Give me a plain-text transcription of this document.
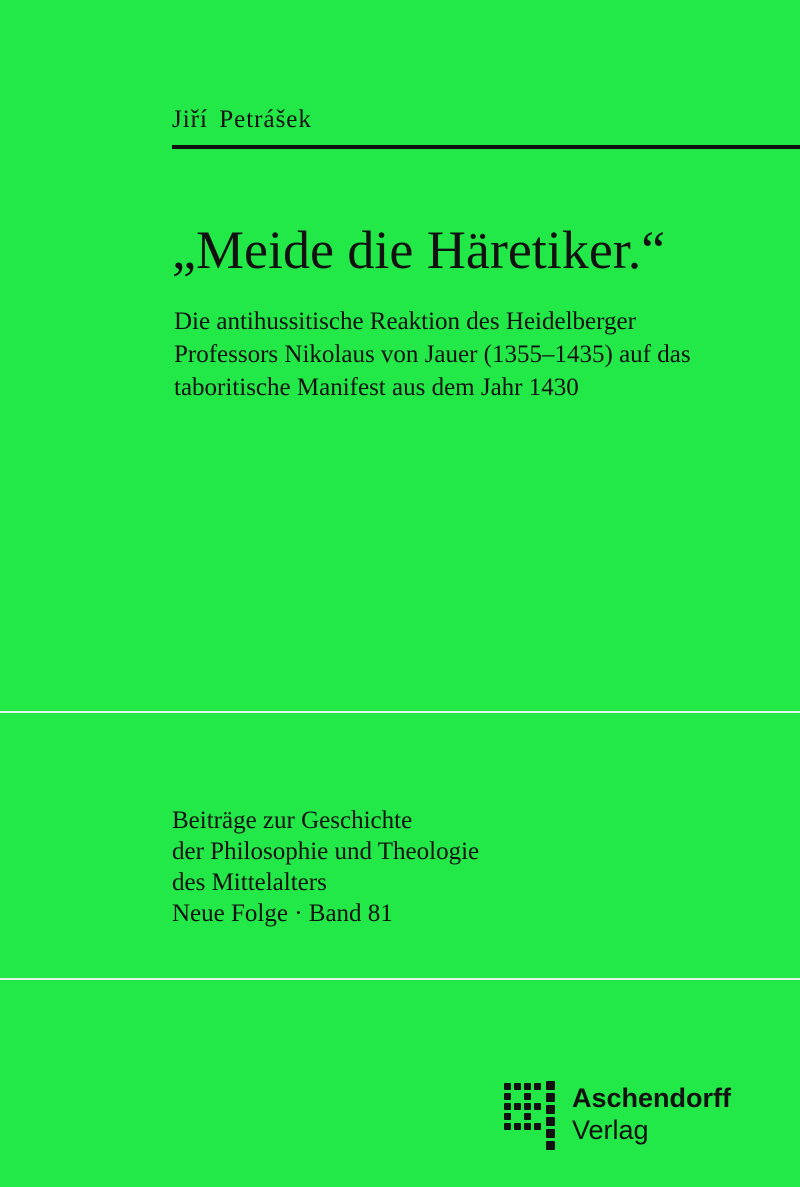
Jiří Petrášek
„Meide die Häretiker.“
Die antihussitische Reaktion des Heidelberger
Professors Nikolaus von Jauer (1355–1435) auf das
taboritische Manifest aus dem Jahr 1430
Beiträge zur Geschichte
der Philosophie und Theologie
des Mittelalters
Neue Folge · Band 81
Aschendorff
Verlag
